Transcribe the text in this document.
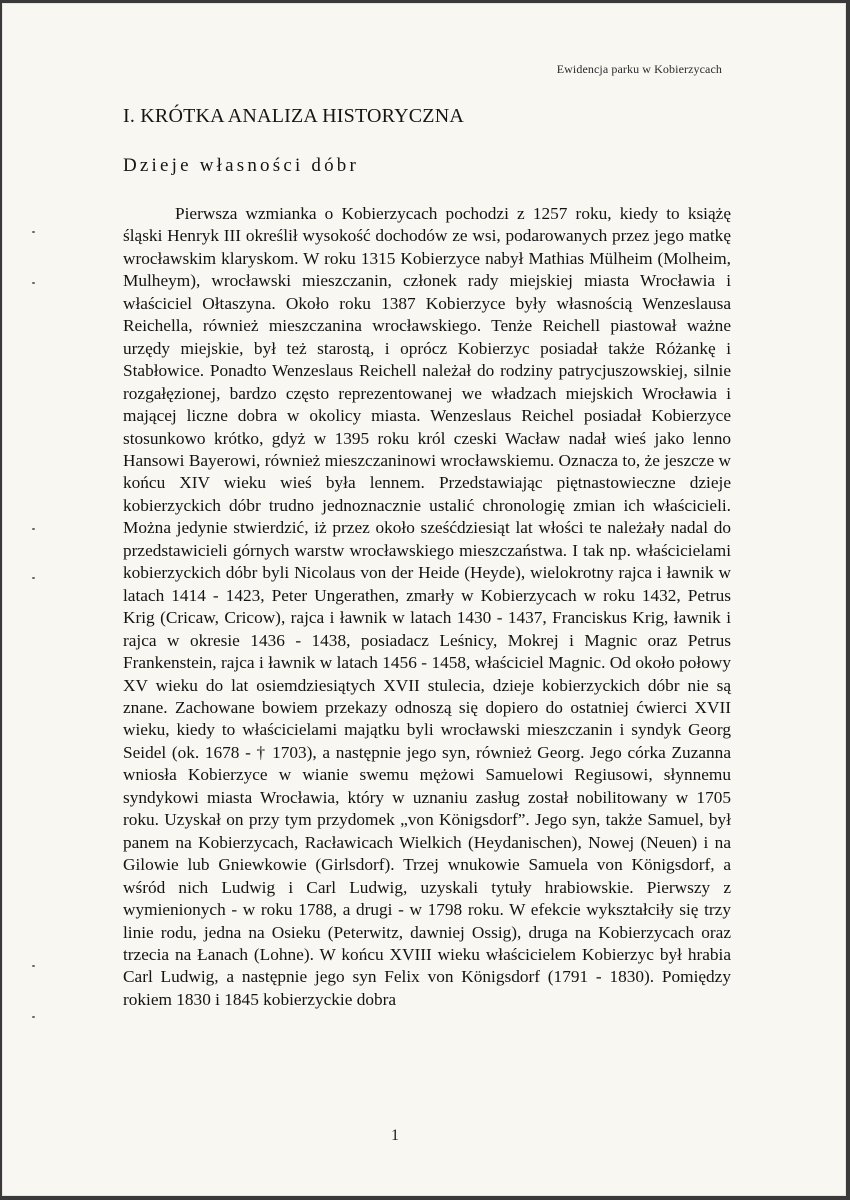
Ewidencja parku w Kobierzycach
I. KRÓTKA ANALIZA HISTORYCZNA
Dzieje własności dóbr

Pierwsza wzmianka o Kobierzycach pochodzi z 1257 roku, kiedy to książę śląski Henryk III określił wysokość dochodów ze wsi, podarowanych przez jego matkę wrocławskim klaryskom. W roku 1315 Kobierzyce nabył Mathias Mülheim (Molheim, Mulheym), wrocławski mieszczanin, członek rady miejskiej miasta Wrocławia i właściciel Ołtaszyna. Około roku 1387 Kobierzyce były własnością Wenzeslausa Reichella, również mieszczanina wrocławskiego. Tenże Reichell piastował ważne urzędy miejskie, był też starostą, i oprócz Kobierzyc posiadał także Różankę i Stabłowice. Ponadto Wenzeslaus Reichell należał do rodziny patrycjuszowskiej, silnie rozgałęzionej, bardzo często reprezentowanej we władzach miejskich Wrocławia i mającej liczne dobra w okolicy miasta. Wenzeslaus Reichel posiadał Kobierzyce stosunkowo krótko, gdyż w 1395 roku król czeski Wacław nadał wieś jako lenno Hansowi Bayerowi, również mieszczaninowi wrocławskiemu. Oznacza to, że jeszcze w końcu XIV wieku wieś była lennem. Przedstawiając piętnastowieczne dzieje kobierzyckich dóbr trudno jednoznacznie ustalić chronologię zmian ich właścicieli. Można jedynie stwierdzić, iż przez około sześćdziesiąt lat włości te należały nadal do przedstawicieli górnych warstw wrocławskiego mieszczaństwa. I tak np. właścicielami kobierzyckich dóbr byli Nicolaus von der Heide (Heyde), wielokrotny rajca i ławnik w latach 1414 - 1423, Peter Ungerathen, zmarły w Kobierzycach w roku 1432, Petrus Krig (Cricaw, Cricow), rajca i ławnik w latach 1430 - 1437, Franciskus Krig, ławnik i rajca w okresie 1436 - 1438, posiadacz Leśnicy, Mokrej i Magnic oraz Petrus Frankenstein, rajca i ławnik w latach 1456 - 1458, właściciel Magnic. Od około połowy XV wieku do lat osiemdziesiątych XVII stulecia, dzieje kobierzyckich dóbr nie są znane. Zachowane bowiem przekazy odnoszą się dopiero do ostatniej ćwierci XVII wieku, kiedy to właścicielami majątku byli wrocławski mieszczanin i syndyk Georg Seidel (ok. 1678 - † 1703), a następnie jego syn, również Georg. Jego córka Zuzanna wniosła Kobierzyce w wianie swemu mężowi Samuelowi Regiusowi, słynnemu syndykowi miasta Wrocławia, który w uznaniu zasług został nobilitowany w 1705 roku. Uzyskał on przy tym przydomek „von Königsdorf”. Jego syn, także Samuel, był panem na Kobierzycach, Racławicach Wielkich (Heydanischen), Nowej (Neuen) i na Gilowie lub Gniewkowie (Girlsdorf). Trzej wnukowie Samuela von Königsdorf, a wśród nich Ludwig i Carl Ludwig, uzyskali tytuły hrabiowskie. Pierwszy z wymienionych - w roku 1788, a drugi - w 1798 roku. W efekcie wykształciły się trzy linie rodu, jedna na Osieku (Peterwitz, dawniej Ossig), druga na Kobierzycach oraz trzecia na Łanach (Lohne). W końcu XVIII wieku właścicielem Kobierzyc był hrabia Carl Ludwig, a następnie jego syn Felix von Königsdorf (1791 - 1830). Pomiędzy rokiem 1830 i 1845 kobierzyckie dobra

1
